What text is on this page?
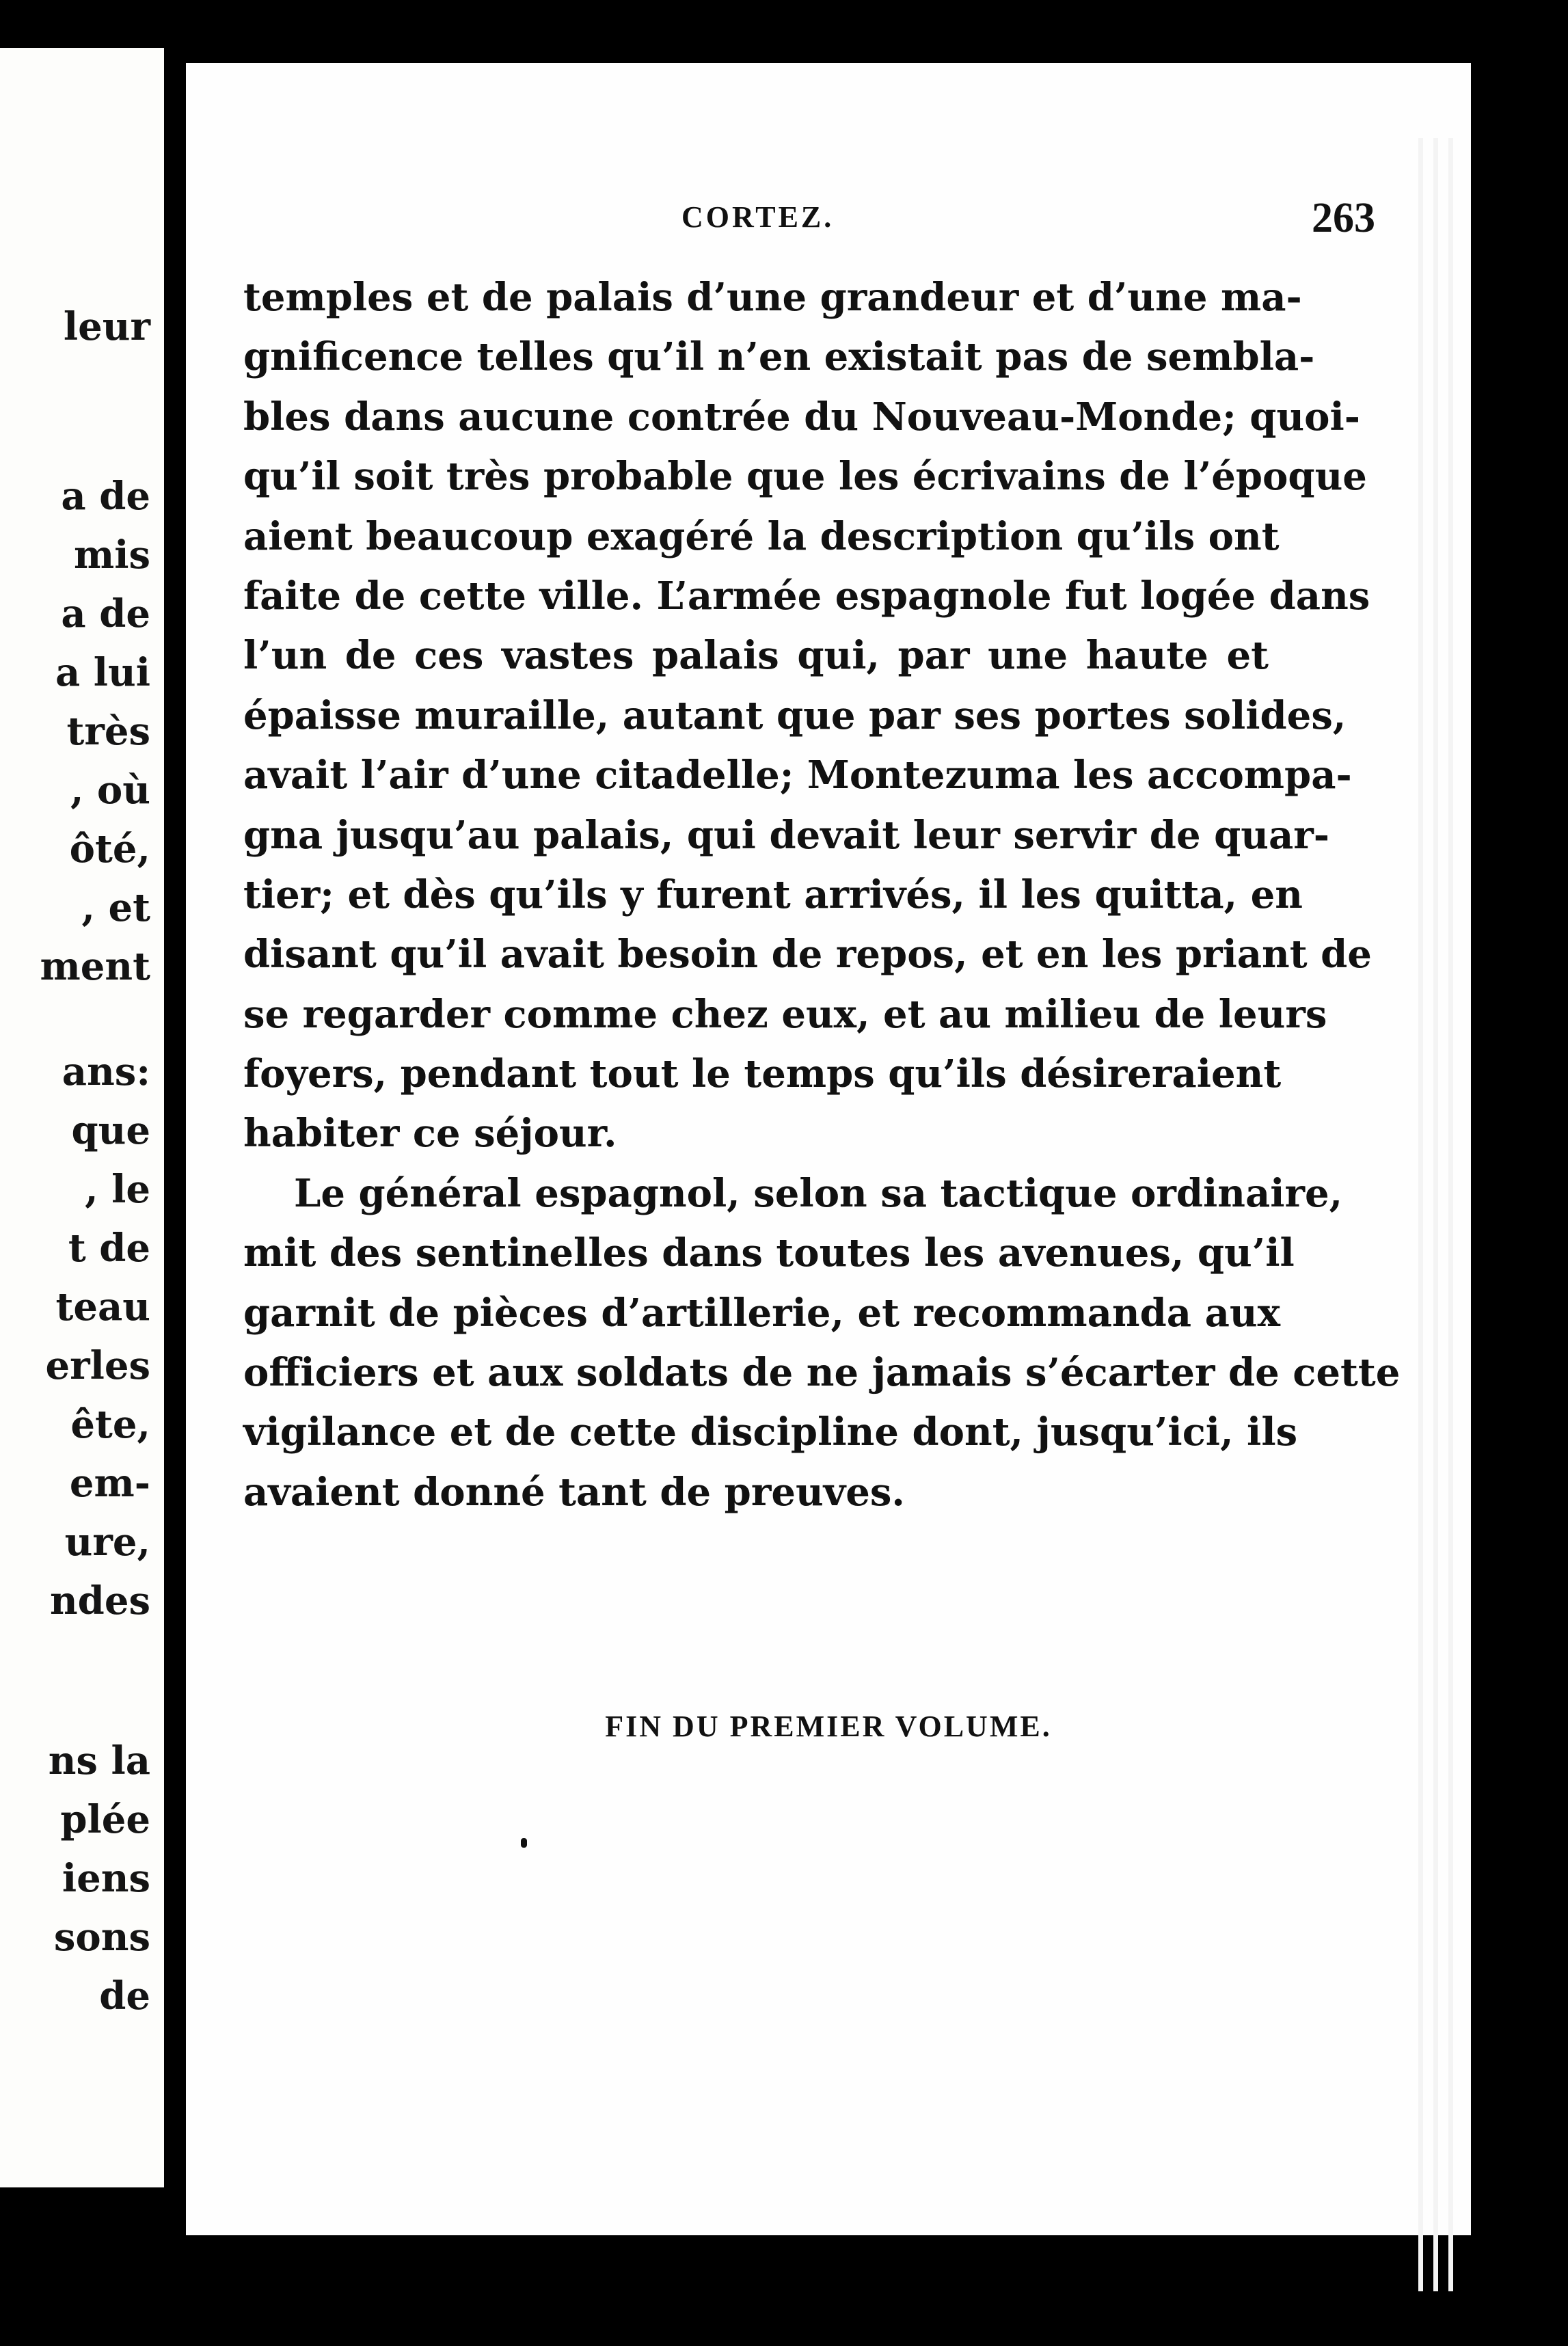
leur
a de
mis
a de
a lui
très
, où
ôté,
, et
ment
ans:
que
, le
t de
teau
erles
ête,
em-
ure,
ndes
ns la
plée
iens
sons
de
CORTEZ.	263
temples et de palais d’une grandeur et d’une ma-
gnificence telles qu’il n’en existait pas de sembla-
bles dans aucune contrée du Nouveau-Monde; quoi-
qu’il soit très probable que les écrivains de l’époque
aient beaucoup exagéré la description qu’ils ont
faite de cette ville. L’armée espagnole fut logée dans
l’un de ces vastes palais qui, par une haute et
épaisse muraille, autant que par ses portes solides,
avait l’air d’une citadelle; Montezuma les accompa-
gna jusqu’au palais, qui devait leur servir de quar-
tier; et dès qu’ils y furent arrivés, il les quitta, en
disant qu’il avait besoin de repos, et en les priant de
se regarder comme chez eux, et au milieu de leurs
foyers, pendant tout le temps qu’ils désireraient
habiter ce séjour.
Le général espagnol, selon sa tactique ordinaire,
mit des sentinelles dans toutes les avenues, qu’il
garnit de pièces d’artillerie, et recommanda aux
officiers et aux soldats de ne jamais s’écarter de cette
vigilance et de cette discipline dont, jusqu’ici, ils
avaient donné tant de preuves.
FIN DU PREMIER VOLUME.
